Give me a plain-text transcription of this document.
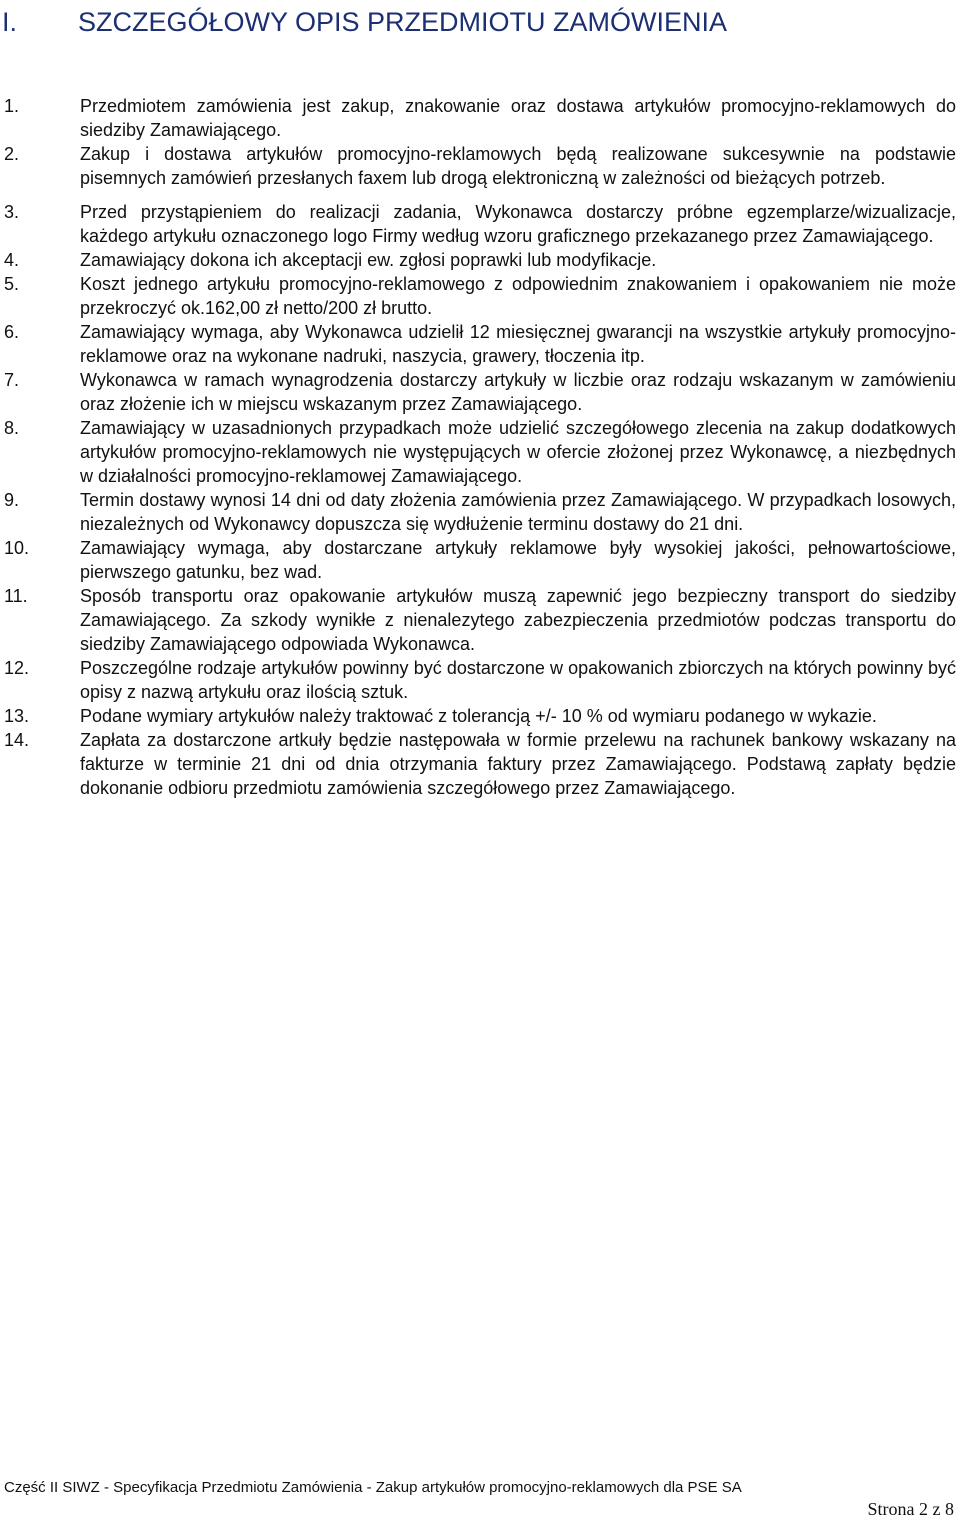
I.	SZCZEGÓŁOWY OPIS PRZEDMIOTU ZAMÓWIENIA
1.	Przedmiotem zamówienia jest zakup, znakowanie oraz dostawa artykułów promocyjno-reklamowych do siedziby Zamawiającego.
2.	Zakup i dostawa artykułów promocyjno-reklamowych będą realizowane sukcesywnie na podstawie pisemnych zamówień przesłanych faxem lub drogą elektroniczną w zależności od bieżących potrzeb.
3.	Przed przystąpieniem do realizacji zadania, Wykonawca dostarczy próbne egzemplarze/wizualizacje, każdego artykułu oznaczonego logo Firmy według wzoru graficznego przekazanego przez Zamawiającego.
4.	Zamawiający dokona ich akceptacji ew. zgłosi poprawki lub modyfikacje.
5.	Koszt jednego artykułu promocyjno-reklamowego z odpowiednim znakowaniem i opakowaniem nie może przekroczyć ok.162,00 zł netto/200 zł brutto.
6.	Zamawiający wymaga, aby Wykonawca udzielił 12 miesięcznej gwarancji na wszystkie artykuły promocyjno-reklamowe oraz na wykonane nadruki, naszycia, grawery, tłoczenia itp.
7.	Wykonawca w ramach wynagrodzenia dostarczy artykuły w liczbie oraz rodzaju wskazanym w zamówieniu oraz złożenie ich w miejscu wskazanym przez Zamawiającego.
8.	Zamawiający w uzasadnionych przypadkach może udzielić szczegółowego zlecenia na zakup dodatkowych artykułów promocyjno-reklamowych nie występujących w ofercie złożonej przez Wykonawcę, a niezbędnych w działalności promocyjno-reklamowej Zamawiającego.
9.	Termin dostawy wynosi 14 dni od daty złożenia zamówienia przez Zamawiającego. W przypadkach losowych, niezależnych od Wykonawcy dopuszcza się wydłużenie terminu dostawy do 21 dni.
10.	Zamawiający wymaga, aby dostarczane artykuły reklamowe były wysokiej jakości, pełnowartościowe, pierwszego gatunku, bez wad.
11.	Sposób transportu oraz opakowanie artykułów muszą zapewnić jego bezpieczny transport do siedziby Zamawiającego. Za szkody wynikłe z nienalezytego zabezpieczenia przedmiotów podczas transportu do siedziby Zamawiającego odpowiada Wykonawca.
12.	Poszczególne rodzaje artykułów powinny być dostarczone w opakowanich zbiorczych na których powinny być opisy z nazwą artykułu oraz ilością sztuk.
13.	Podane wymiary artykułów należy traktować z tolerancją +/- 10 % od wymiaru podanego w wykazie.
14.	Zapłata za dostarczone artkuły będzie następowała w formie przelewu na rachunek bankowy wskazany na fakturze w terminie 21 dni od dnia otrzymania faktury przez Zamawiającego. Podstawą zapłaty będzie dokonanie odbioru przedmiotu zamówienia szczegółowego przez Zamawiającego.
Część II SIWZ - Specyfikacja Przedmiotu Zamówienia - Zakup artykułów promocyjno-reklamowych dla PSE SA
Strona 2 z 8
